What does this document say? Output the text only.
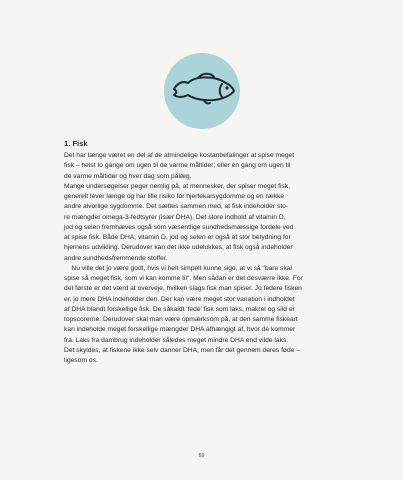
1. Fisk
Det har længe været en del af de almindelige kostanbefalinger at spise meget
fisk – helst to gange om ugen til de varme måltider; eller én gang om ugen til
de varme måltider og hver dag som pålæg.
Mange undersøgelser peger nemlig på, at mennesker, der spiser meget fisk,
generelt lever længe og har lille risiko for hjertekarsygdomme og en række
andre alvorlige sygdomme. Det sættes sammen med, at fisk indeholder sto-
re mængder omega-3-fedtsyrer (især DHA). Det store indhold af vitamin D,
jod og selen fremhæves også som væsentlige sundhedsmæssige fordele ved
at spise fisk. Både DHA, vitamin D, jod og selen er også af stor betydning for
hjernens udvikling. Derudover kan det ikke udelukkes, at fisk også indeholder
andre sundhedsfremmende stoffer.
Nu ville det jo være godt, hvis vi helt simpelt kunne sige, at vi så "bare skal
spise så meget fisk, som vi kan komme til". Men sådan er det desværre ikke. For
det første er det værd at overveje, hvilken slags fisk man spiser. Jo federe fisken
er, jo mere DHA indeholder den. Der kan være meget stor variation i indholdet
af DHA blandt forskellige fisk. De såkaldt 'fede' fisk som laks, makrel og sild er
topscorerne. Derudover skal man være opmærksom på, at den samme fiskeart
kan indeholde meget forskellige mængder DHA afhængigt af, hvor de kommer
fra. Laks fra dambrug indeholder således meget mindre DHA end vilde laks.
Det skyldes, at fiskene ikke selv danner DHA, men får det gennem deres føde –
ligesom os.
69
